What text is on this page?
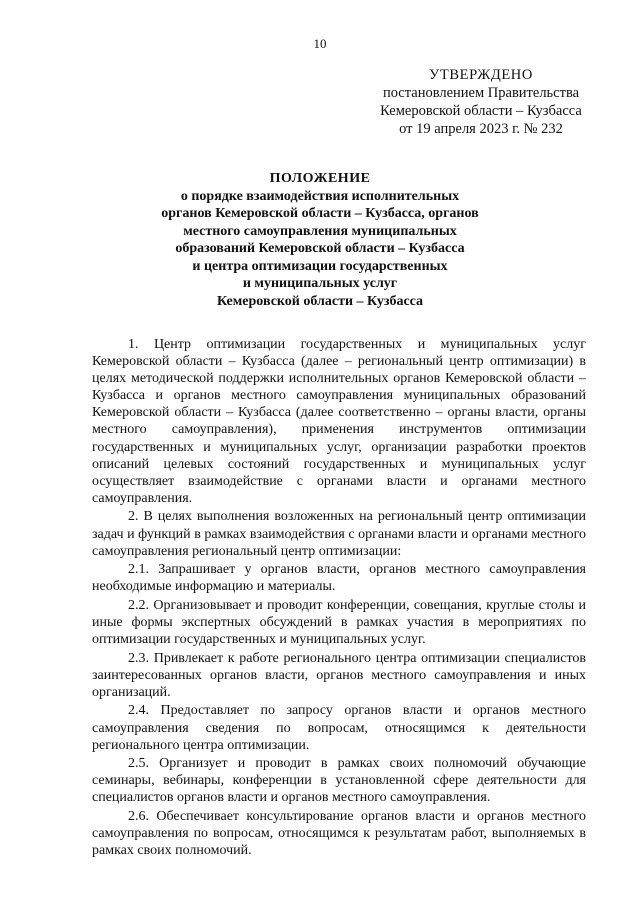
10
УТВЕРЖДЕНО
постановлением Правительства
Кемеровской области – Кузбасса
от 19 апреля 2023 г. № 232
ПОЛОЖЕНИЕ
о порядке взаимодействия исполнительных
органов Кемеровской области – Кузбасса, органов
местного самоуправления муниципальных
образований Кемеровской области – Кузбасса
и центра оптимизации государственных
и муниципальных услуг
Кемеровской области – Кузбасса

1. Центр оптимизации государственных и муниципальных услуг Кемеровской области – Кузбасса (далее – региональный центр оптимизации) в целях методической поддержки исполнительных органов Кемеровской области – Кузбасса и органов местного самоуправления муниципальных образований Кемеровской области – Кузбасса (далее соответственно – органы власти, органы местного самоуправления), применения инструментов оптимизации государственных и муниципальных услуг, организации разработки проектов описаний целевых состояний государственных и муниципальных услуг осуществляет взаимодействие с органами власти и органами местного самоуправления.

2. В целях выполнения возложенных на региональный центр оптимизации задач и функций в рамках взаимодействия с органами власти и органами местного самоуправления региональный центр оптимизации:

2.1. Запрашивает у органов власти, органов местного самоуправления необходимые информацию и материалы.

2.2. Организовывает и проводит конференции, совещания, круглые столы и иные формы экспертных обсуждений в рамках участия в мероприятиях по оптимизации государственных и муниципальных услуг.

2.3. Привлекает к работе регионального центра оптимизации специалистов заинтересованных органов власти, органов местного самоуправления и иных организаций.

2.4. Предоставляет по запросу органов власти и органов местного самоуправления сведения по вопросам, относящимся к деятельности регионального центра оптимизации.

2.5. Организует и проводит в рамках своих полномочий обучающие семинары, вебинары, конференции в установленной сфере деятельности для специалистов органов власти и органов местного самоуправления.

2.6. Обеспечивает консультирование органов власти и органов местного самоуправления по вопросам, относящимся к результатам работ, выполняемых в рамках своих полномочий.
